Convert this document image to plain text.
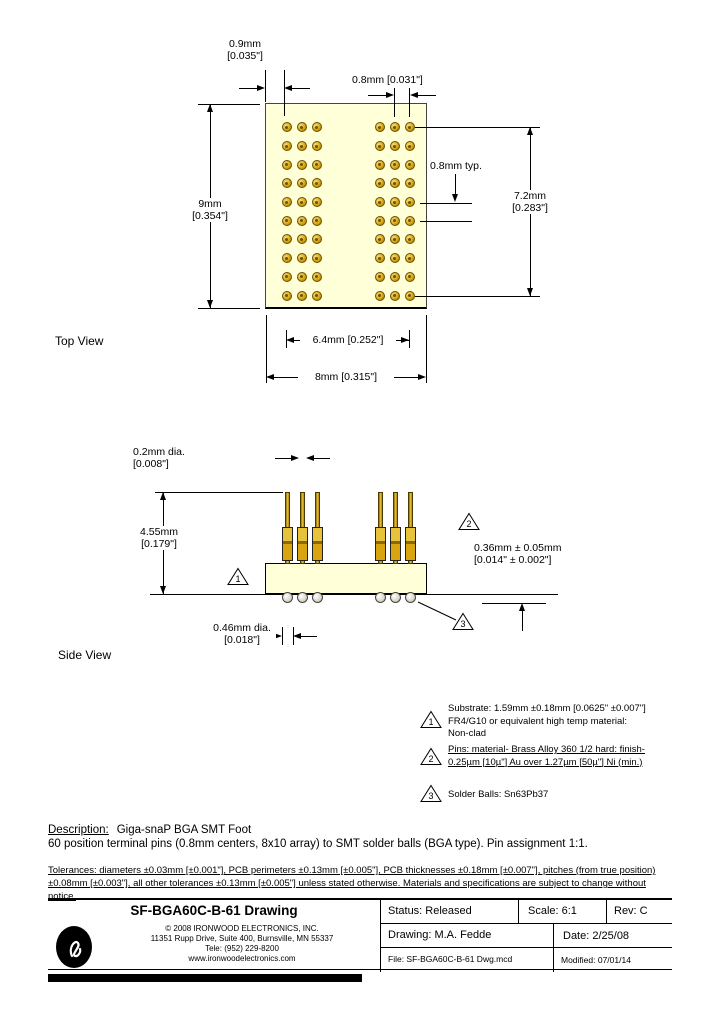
0.9mm
[0.035"]
0.8mm [0.031"]
9mm
[0.354"]
7.2mm
[0.283"]
0.8mm typ.
6.4mm [0.252"]
8mm [0.315"]
Top View
0.2mm dia.
[0.008"]
4.55mm
[0.179"]
1
2
0.36mm ± 0.05mm
[0.014" ± 0.002"]
3
0.46mm dia.
[0.018"]
Side View
1
Substrate: 1.59mm ±0.18mm [0.0625" ±0.007"]
FR4/G10 or equivalent high temp material:
Non-clad
2
Pins: material- Brass Alloy 360 1/2 hard: finish-
0.25µm [10µ"] Au over 1.27µm [50µ"] Ni (min.)
3 Solder Balls: Sn63Pb37
Description: Giga-snaP BGA SMT Foot
60 position terminal pins (0.8mm centers, 8x10 array) to SMT solder balls (BGA type). Pin assignment 1:1.
Tolerances: diameters ±0.03mm [±0.001"], PCB perimeters ±0.13mm [±0.005"], PCB thicknesses ±0.18mm [±0.007"], pitches (from true position) ±0.08mm [±0.003"], all other tolerances ±0.13mm [±0.005"] unless stated otherwise. Materials and specifications are subject to change without notice.
SF-BGA60C-B-61 Drawing	Status: Released	Scale: 6:1	Rev: C
Drawing: M.A. Fedde	Date: 2/25/08
File: SF-BGA60C-B-61 Dwg.mcd	Modified: 07/01/14
© 2008 IRONWOOD ELECTRONICS, INC.
11351 Rupp Drive, Suite 400, Burnsville, MN 55337
Tele: (952) 229-8200
www.ironwoodelectronics.com
